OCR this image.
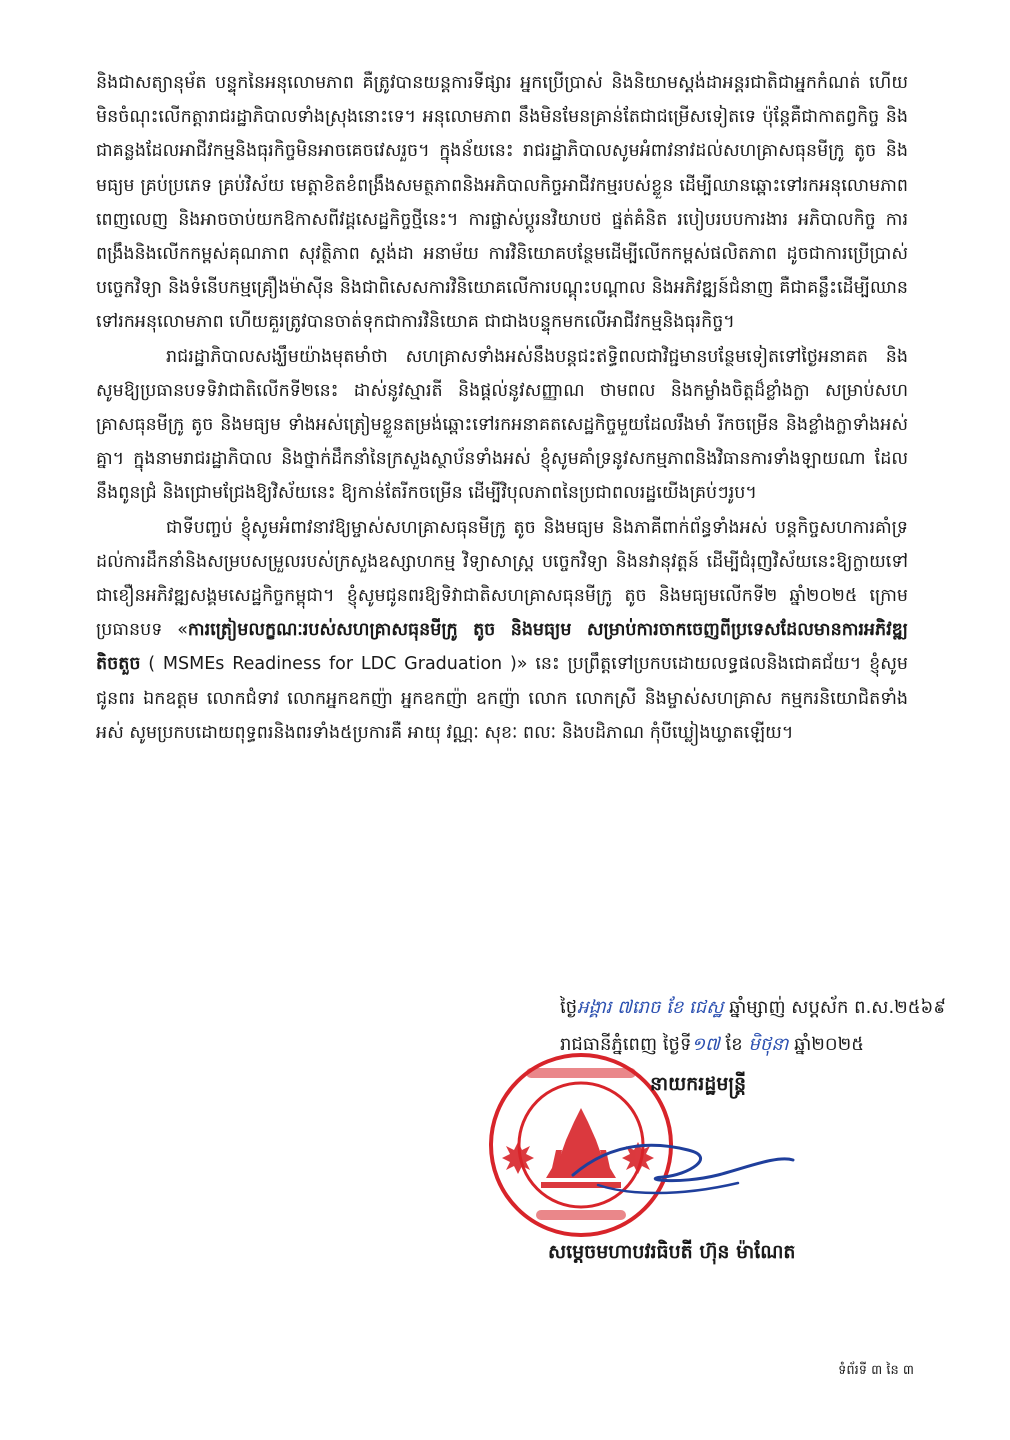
និងជាសត្យានុម័ត បន្ទុកនៃអនុលោមភាព គឺត្រូវបានយន្តការទីផ្សារ អ្នកប្រើប្រាស់ និងនិយាមស្តង់ដាអន្តរជាតិជាអ្នកកំណត់ ហើយមិនចំណុះលើកត្តារាជរដ្ឋាភិបាលទាំងស្រុងនោះទេ។ អនុលោមភាព នឹងមិនមែនគ្រាន់តែជាជម្រើសទៀតទេ ប៉ុន្តែគឺជាកាតព្វកិច្ច និងជាគន្លងដែលអាជីវកម្មនិងធុរកិច្ចមិនអាចគេចវេសរួច។ ក្នុងន័យនេះ រាជរដ្ឋាភិបាលសូមអំពាវនាវដល់សហគ្រាសធុនមីក្រូ តូច និងមធ្យម គ្រប់ប្រភេទ គ្រប់វិស័យ មេត្តាខិតខំពង្រឹងសមត្ថភាពនិងអភិបាលកិច្ចអាជីវកម្មរបស់ខ្លួន ដើម្បីឈានឆ្ពោះទៅរកអនុលោមភាពពេញលេញ និងអាចចាប់យកឱកាសពីវដ្តសេដ្ឋកិច្ចថ្មីនេះ។ ការផ្លាស់ប្តូរនវិយាបថ ផ្នត់គំនិត របៀបរបបការងារ អភិបាលកិច្ច ការពង្រឹងនិងលើកកម្ពស់គុណភាព សុវត្ថិភាព ស្តង់ដា អនាម័យ ការវិនិយោគបន្ថែមដើម្បីលើកកម្ពស់ផលិតភាព ដូចជាការប្រើប្រាស់បច្ចេកវិទ្យា និងទំនើបកម្មគ្រឿងម៉ាស៊ីន និងជាពិសេសការវិនិយោគលើការបណ្តុះបណ្តាល និងអភិវឌ្ឍន៍ជំនាញ គឺជាគន្លឹះដើម្បីឈានទៅរកអនុលោមភាព ហើយគួរត្រូវបានចាត់ទុកជាការវិនិយោគ ជាជាងបន្ទុកមកលើអាជីវកម្មនិងធុរកិច្ច។

រាជរដ្ឋាភិបាលសង្ឃឹមយ៉ាងមុតមាំថា សហគ្រាសទាំងអស់នឹងបន្តជះឥទ្ធិពលជាវិជ្ជមានបន្ថែមទៀតទៅថ្ងៃអនាគត និងសូមឱ្យប្រធានបទទិវាជាតិលើកទី២នេះ ដាស់នូវស្មារតី និងផ្តល់នូវសញ្ញាណ ថាមពល និងកម្លាំងចិត្តដ៏ខ្លាំងក្លា សម្រាប់សហគ្រាសធុនមីក្រូ តូច និងមធ្យម ទាំងអស់ត្រៀមខ្លួនតម្រង់ឆ្ពោះទៅរកអនាគតសេដ្ឋកិច្ចមួយដែលរឹងមាំ រីកចម្រើន និងខ្លាំងក្លាទាំងអស់គ្នា។ ក្នុងនាមរាជរដ្ឋាភិបាល និងថ្នាក់ដឹកនាំនៃក្រសួងស្ថាប័នទាំងអស់ ខ្ញុំសូមគាំទ្រនូវសកម្មភាពនិងវិធានការទាំងឡាយណា ដែលនឹងពូនជ្រំ និងជ្រោមជ្រែងឱ្យវិស័យនេះ ឱ្យកាន់តែរីកចម្រើន ដើម្បីវិបុលភាពនៃប្រជាពលរដ្ឋយើងគ្រប់ៗរូប។

ជាទីបញ្ចប់ ខ្ញុំសូមអំពាវនាវឱ្យម្ចាស់សហគ្រាសធុនមីក្រូ តូច និងមធ្យម និងភាគីពាក់ព័ន្ធទាំងអស់ បន្តកិច្ចសហការគាំទ្រដល់ការដឹកនាំនិងសម្របសម្រួលរបស់ក្រសួងឧស្សាហកម្ម វិទ្យាសាស្ត្រ បច្ចេកវិទ្យា និងនវានុវត្តន៍ ដើម្បីជំរុញវិស័យនេះឱ្យក្លាយទៅជាខឿនអភិវឌ្ឍសង្គមសេដ្ឋកិច្ចកម្ពុជា។ ខ្ញុំសូមជូនពរឱ្យទិវាជាតិសហគ្រាសធុនមីក្រូ តូច និងមធ្យមលើកទី២ ឆ្នាំ២០២៥ ក្រោមប្រធានបទ «ការត្រៀមលក្ខណៈរបស់សហគ្រាសធុនមីក្រូ តូច និងមធ្យម សម្រាប់ការចាកចេញពីប្រទេសដែលមានការអភិវឌ្ឍតិចតួច ( MSMEs Readiness for LDC Graduation )» នេះ ប្រព្រឹត្តទៅប្រកបដោយលទ្ធផលនិងជោគជ័យ។ ខ្ញុំសូមជូនពរ ឯកឧត្តម លោកជំទាវ លោកអ្នកឧកញ៉ា អ្នកឧកញ៉ា ឧកញ៉ា លោក លោកស្រី និងម្ចាស់សហគ្រាស កម្មករនិយោជិតទាំងអស់ សូមប្រកបដោយពុទ្ធពរនិងពរទាំង៥ប្រការគឺ អាយុ វណ្ណៈ សុខៈ ពលៈ និងបដិភាណ កុំបីឃ្លៀងឃ្លាតឡើយ។

ថ្ងៃអង្គារ ៧រោច ខែ ជេស្ឋ ឆ្នាំម្សាញ់ សប្តស័ក ព.ស.២៥៦៩
រាជធានីភ្នំពេញ ថ្ងៃទី១៧ ខែ មិថុនា ឆ្នាំ២០២៥
នាយករដ្ឋមន្ត្រី
សម្តេចមហាបវរធិបតី ហ៊ុន ម៉ាណែត
ទំព័រទី ៣ នៃ ៣
